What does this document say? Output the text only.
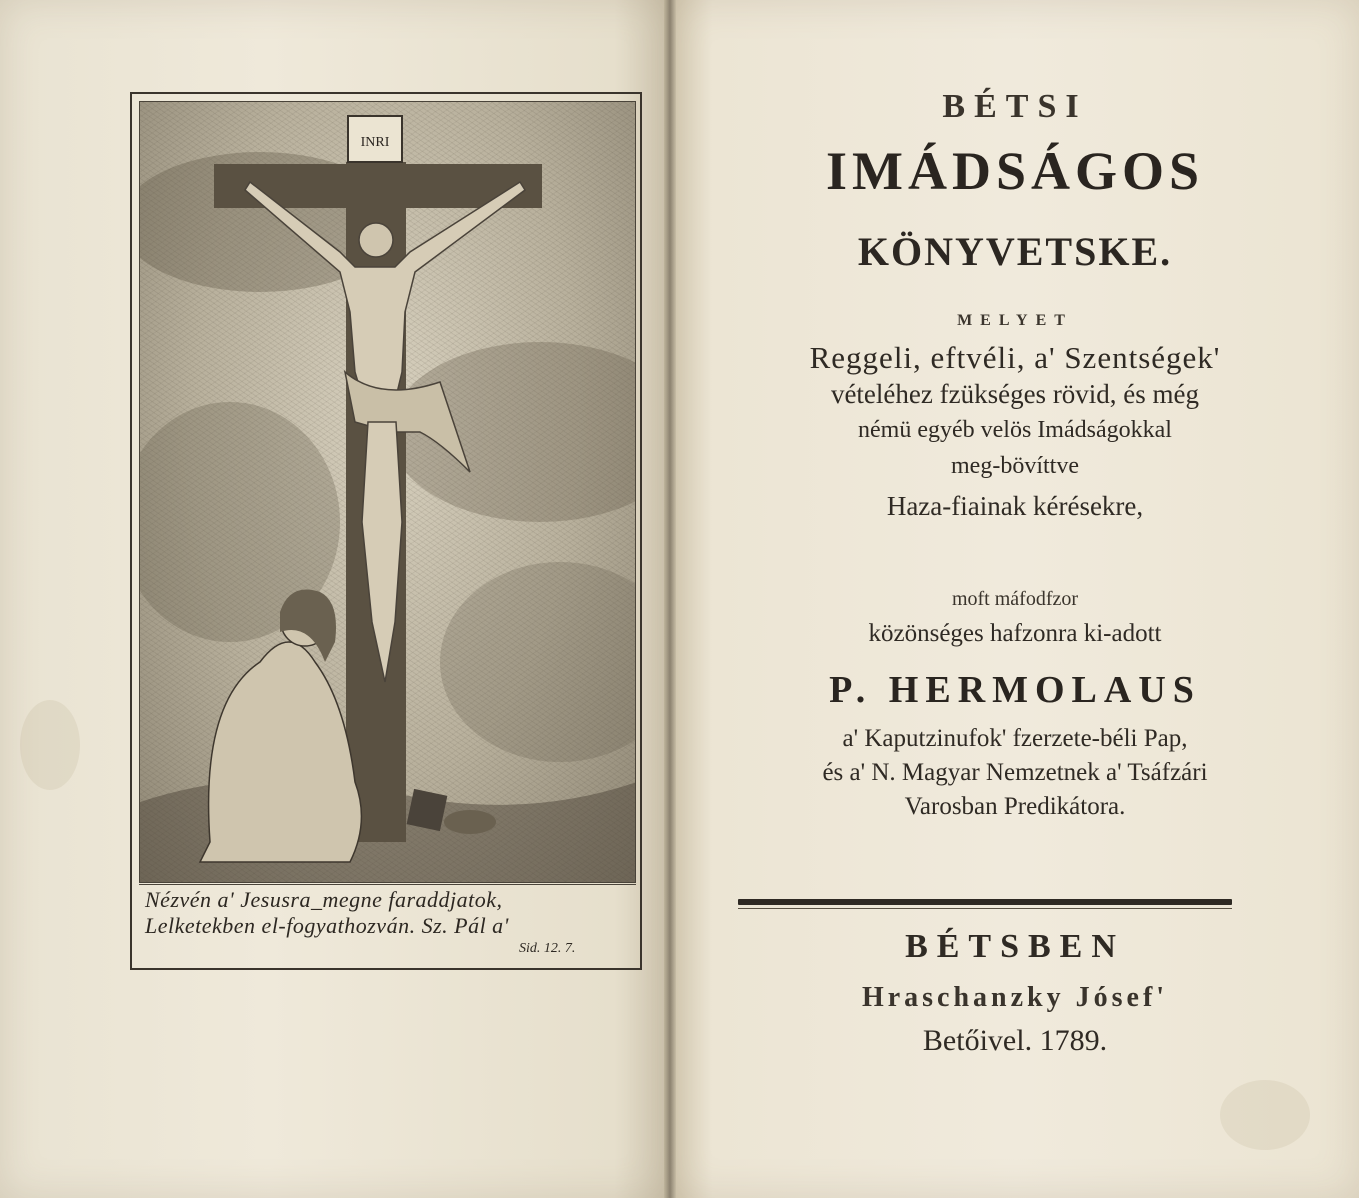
INRI
Nézvén a' Jesusra_megne faraddjatok,
Lelketekben el-fogyathozván. Sz. Pál a'
Sid. 12. 7.
BÉTSI
IMÁDSÁGOS
KÖNYVETSKE.
MELYET
Reggeli, eftvéli, a' Szentségek'
vételéhez fzükséges rövid, és még
némü egyéb velös Imádságokkal
meg-bövíttve
Haza-fiainak kérésekre,
moft máfodfzor
közönséges hafzonra ki-adott
P. HERMOLAUS
a' Kaputzinufok' fzerzete-béli Pap,
és a' N. Magyar Nemzetnek a' Tsáfzári
Varosban Predikátora.
BÉTSBEN
Hraschanzky Jósef'
Betőivel. 1789.
